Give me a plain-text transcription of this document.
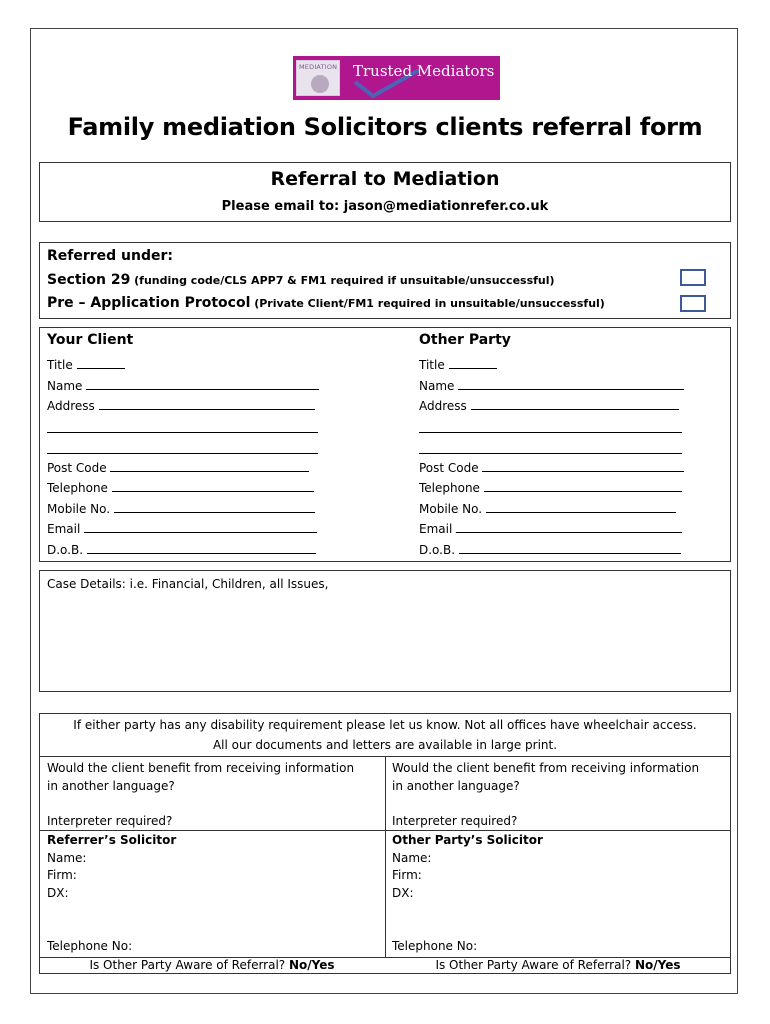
MEDIATION Trusted Mediators
Family mediation Solicitors clients referral form
Referral to Mediation
Please email to: jason@mediationrefer.co.uk
Referred under:
Section 29 (funding code/CLS APP7 & FM1 required if unsuitable/unsuccessful)
Pre – Application Protocol (Private Client/FM1 required in unsuitable/unsuccessful)
Your Client	Other Party
Title
Name
Address
Post Code
Telephone
Mobile No.
Email
D.o.B.
Title
Name
Address
Post Code
Telephone
Mobile No.
Email
D.o.B.
Case Details: i.e. Financial, Children, all Issues,
If either party has any disability requirement please let us know. Not all offices have wheelchair access.
All our documents and letters are available in large print.
Would the client benefit from receiving information
in another language?
Interpreter required?
Would the client benefit from receiving information
in another language?
Interpreter required?
Referrer’s Solicitor
Name:
Firm:
DX:
Telephone No:
Other Party’s Solicitor
Name:
Firm:
DX:
Telephone No:
Is Other Party Aware of Referral? No/Yes	Is Other Party Aware of Referral? No/Yes
